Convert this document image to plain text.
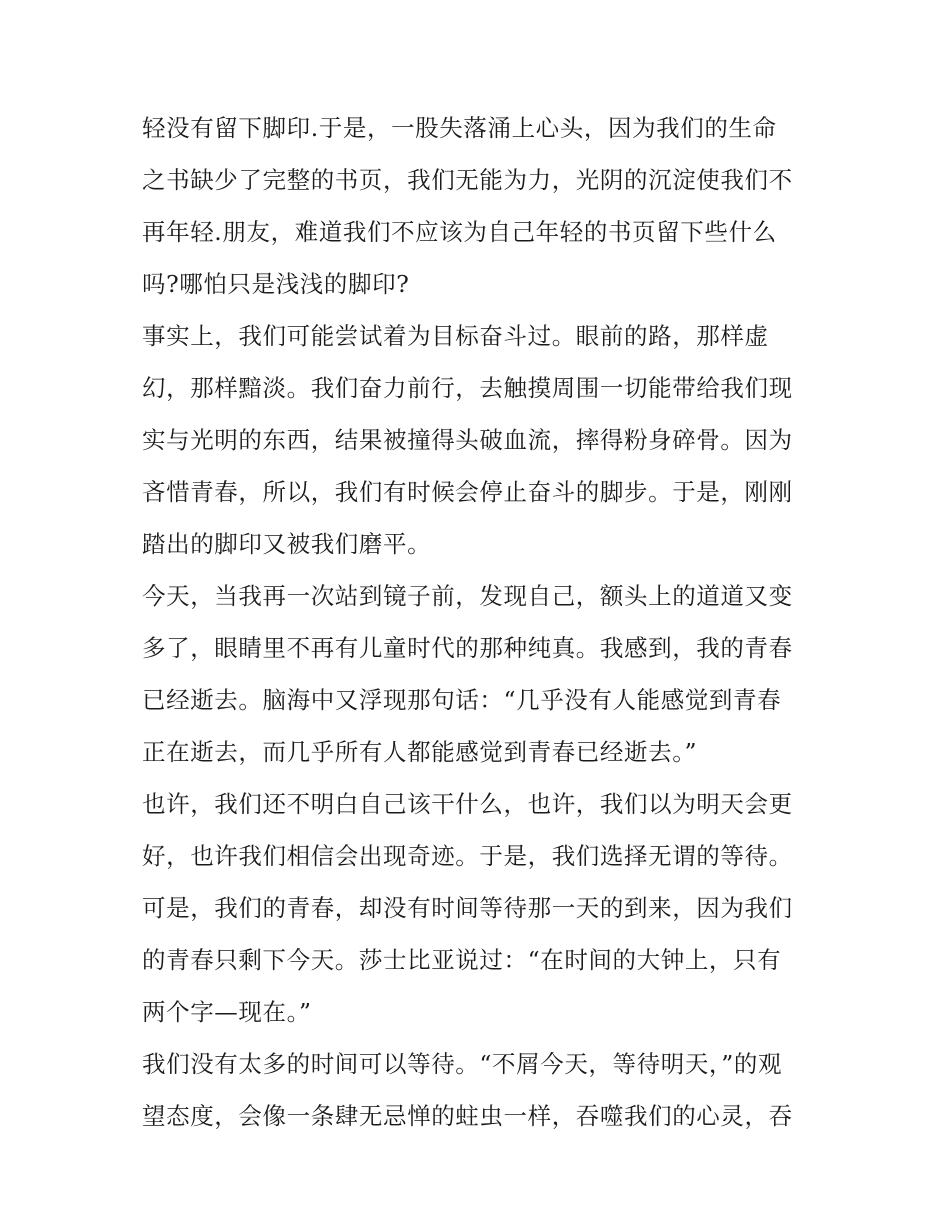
轻没有留下脚印.于是，一股失落涌上心头，因为我们的生命
之书缺少了完整的书页，我们无能为力，光阴的沉淀使我们不
再年轻.朋友，难道我们不应该为自己年轻的书页留下些什么
吗?哪怕只是浅浅的脚印?
事实上，我们可能尝试着为目标奋斗过。眼前的路，那样虚
幻，那样黯淡。我们奋力前行，去触摸周围一切能带给我们现
实与光明的东西，结果被撞得头破血流，摔得粉身碎骨。因为
吝惜青春，所以，我们有时候会停止奋斗的脚步。于是，刚刚
踏出的脚印又被我们磨平。
今天，当我再一次站到镜子前，发现自己，额头上的道道又变
多了，眼睛里不再有儿童时代的那种纯真。我感到，我的青春
已经逝去。脑海中又浮现那句话：“几乎没有人能感觉到青春
正在逝去，而几乎所有人都能感觉到青春已经逝去。”
也许，我们还不明白自己该干什么，也许，我们以为明天会更
好，也许我们相信会出现奇迹。于是，我们选择无谓的等待。
可是，我们的青春，却没有时间等待那一天的到来，因为我们
的青春只剩下今天。莎士比亚说过：“在时间的大钟上，只有
两个字—现在。”
我们没有太多的时间可以等待。“不屑今天，等待明天，”的观
望态度，会像一条肆无忌惮的蛀虫一样，吞噬我们的心灵，吞
